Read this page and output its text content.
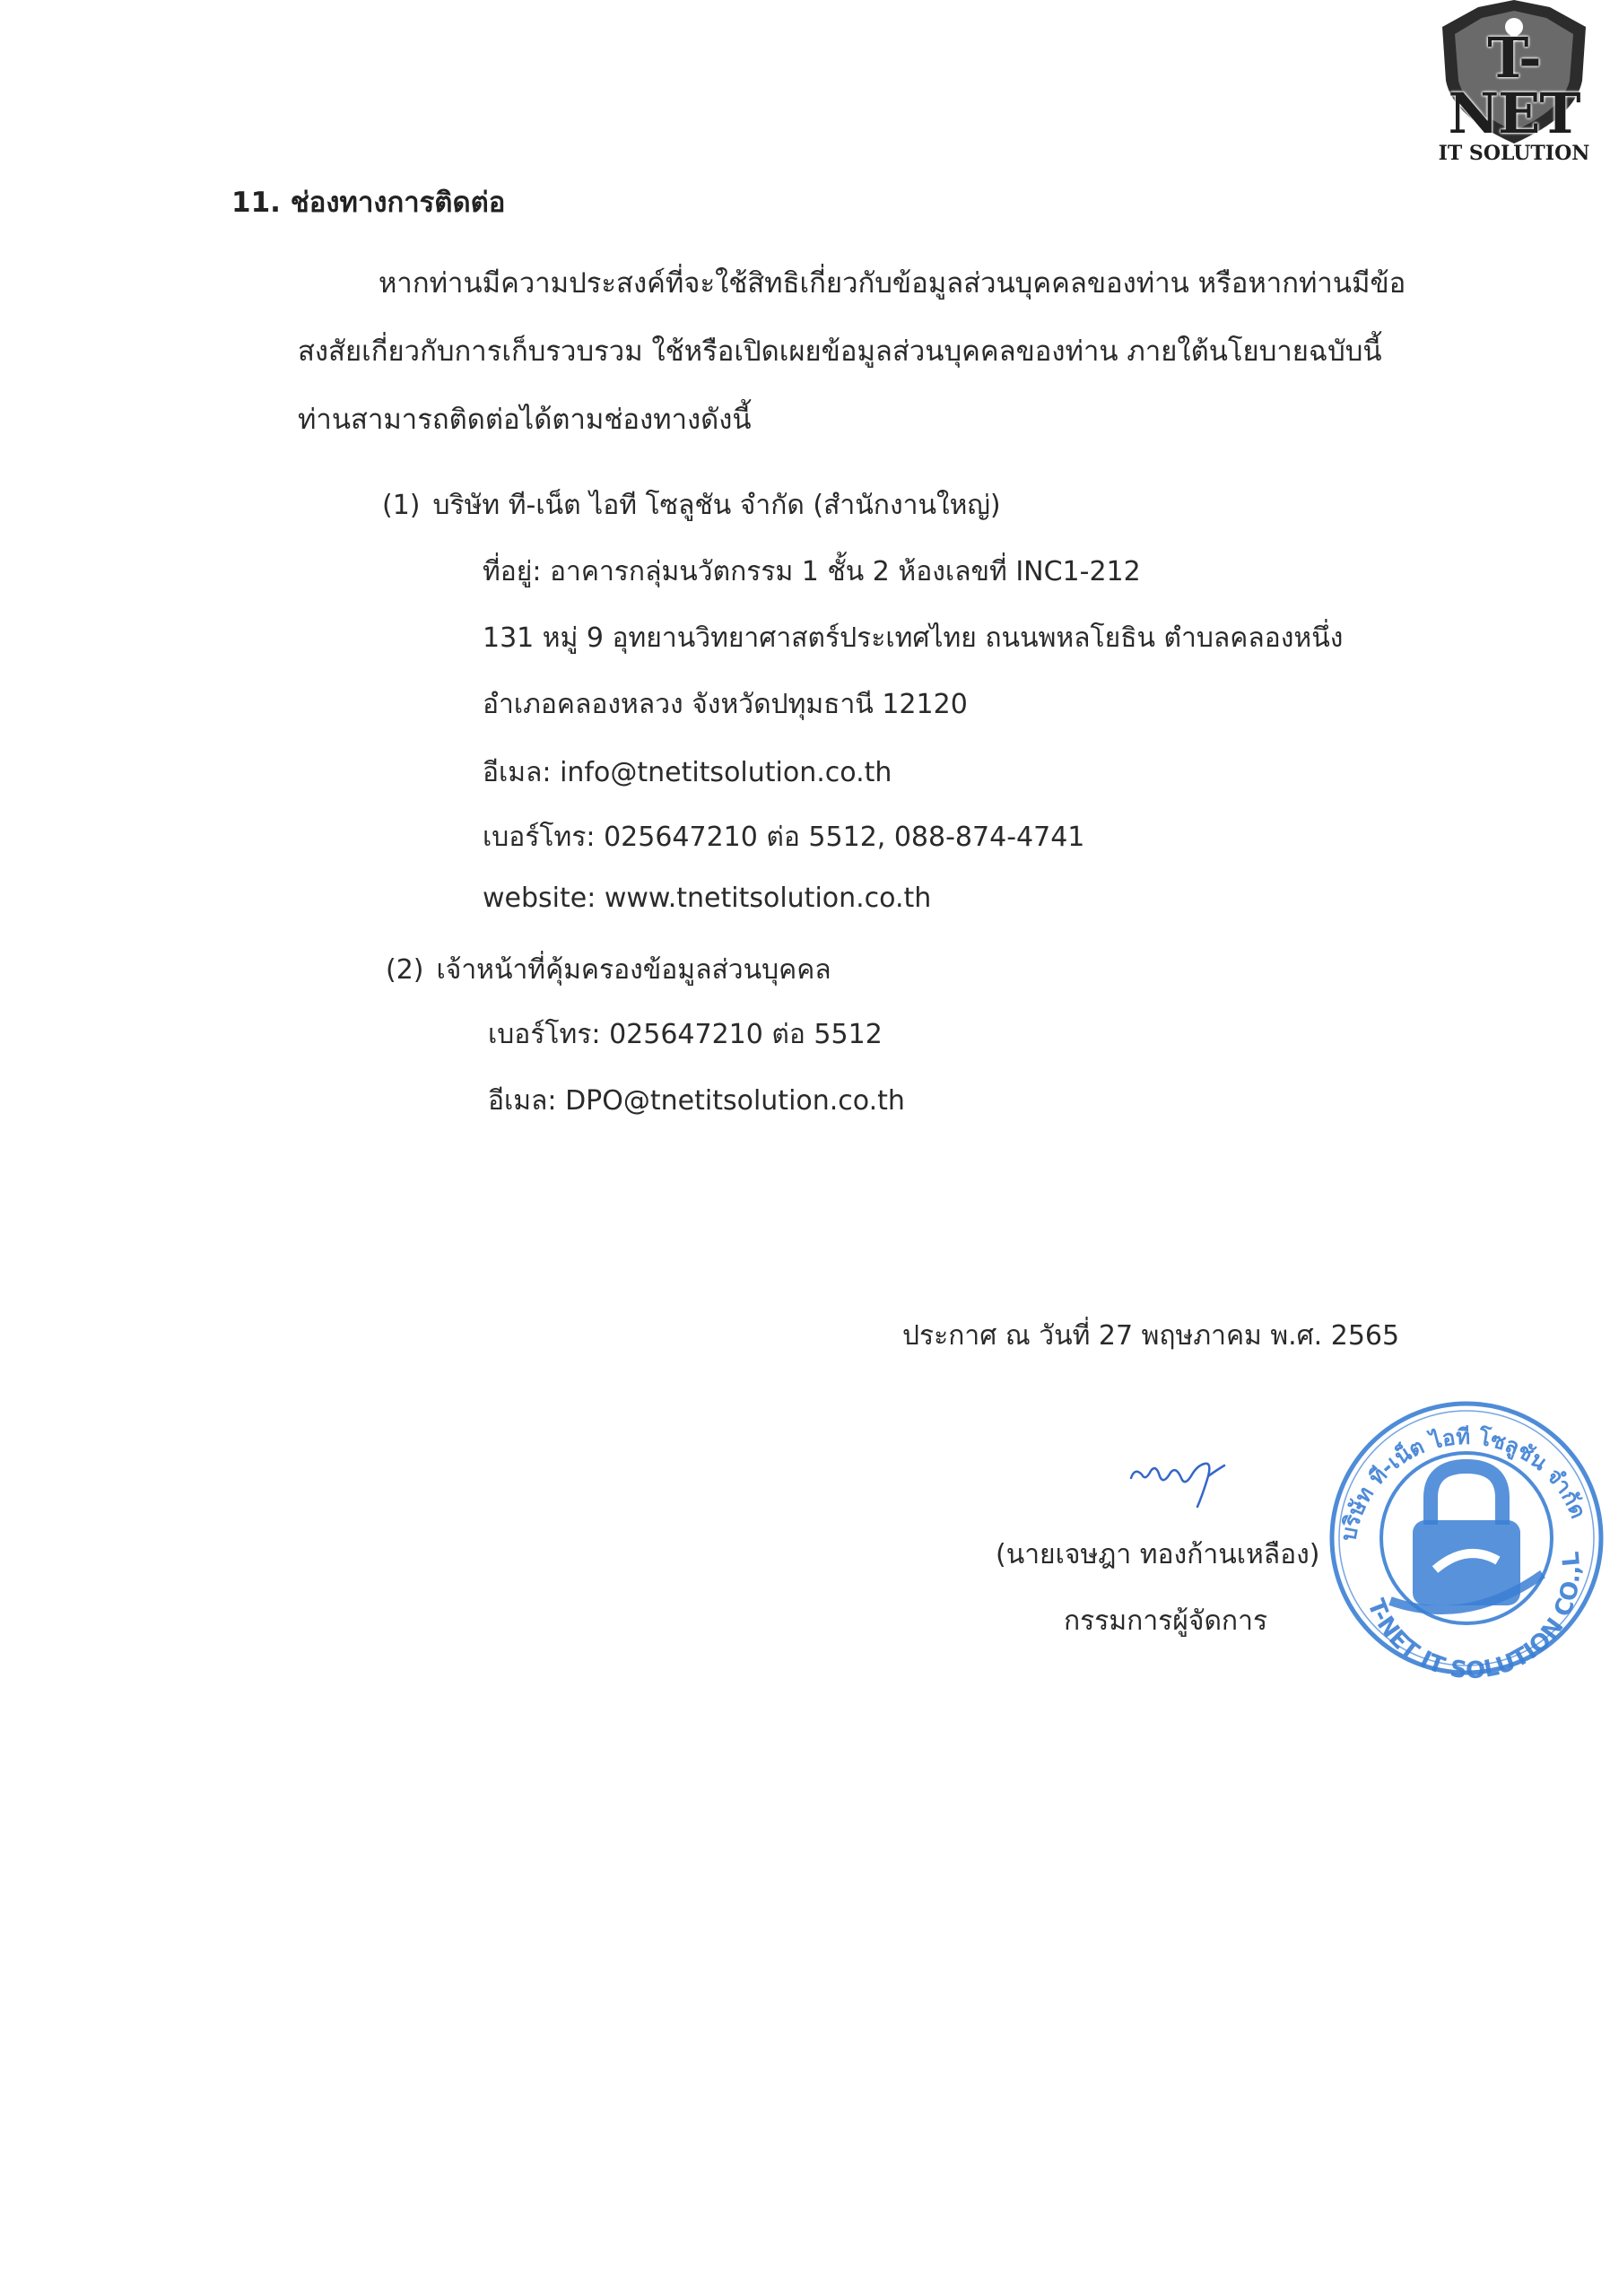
T-NET
IT SOLUTION
11. ช่องทางการติดต่อ
หากท่านมีความประสงค์ที่จะใช้สิทธิเกี่ยวกับข้อมูลส่วนบุคคลของท่าน หรือหากท่านมีข้อ
สงสัยเกี่ยวกับการเก็บรวบรวม ใช้หรือเปิดเผยข้อมูลส่วนบุคคลของท่าน ภายใต้นโยบายฉบับนี้
ท่านสามารถติดต่อได้ตามช่องทางดังนี้
(1) บริษัท ที-เน็ต ไอที โซลูชัน จำกัด (สำนักงานใหญ่)
ที่อยู่: อาคารกลุ่มนวัตกรรม 1 ชั้น 2 ห้องเลขที่ INC1-212
131 หมู่ 9 อุทยานวิทยาศาสตร์ประเทศไทย ถนนพหลโยธิน ตำบลคลองหนึ่ง
อำเภอคลองหลวง จังหวัดปทุมธานี 12120
อีเมล: info@tnetitsolution.co.th
เบอร์โทร: 025647210 ต่อ 5512, 088-874-4741
website: www.tnetitsolution.co.th
(2) เจ้าหน้าที่คุ้มครองข้อมูลส่วนบุคคล
เบอร์โทร: 025647210 ต่อ 5512
อีเมล: DPO@tnetitsolution.co.th
ประกาศ ณ วันที่ 27 พฤษภาคม พ.ศ. 2565
(นายเจษฎา ทองก้านเหลือง)
กรรมการผู้จัดการ
บริษัท ที-เน็ต ไอที โซลูชัน จำกัด
T-NET IT SOLUTION CO.,L
